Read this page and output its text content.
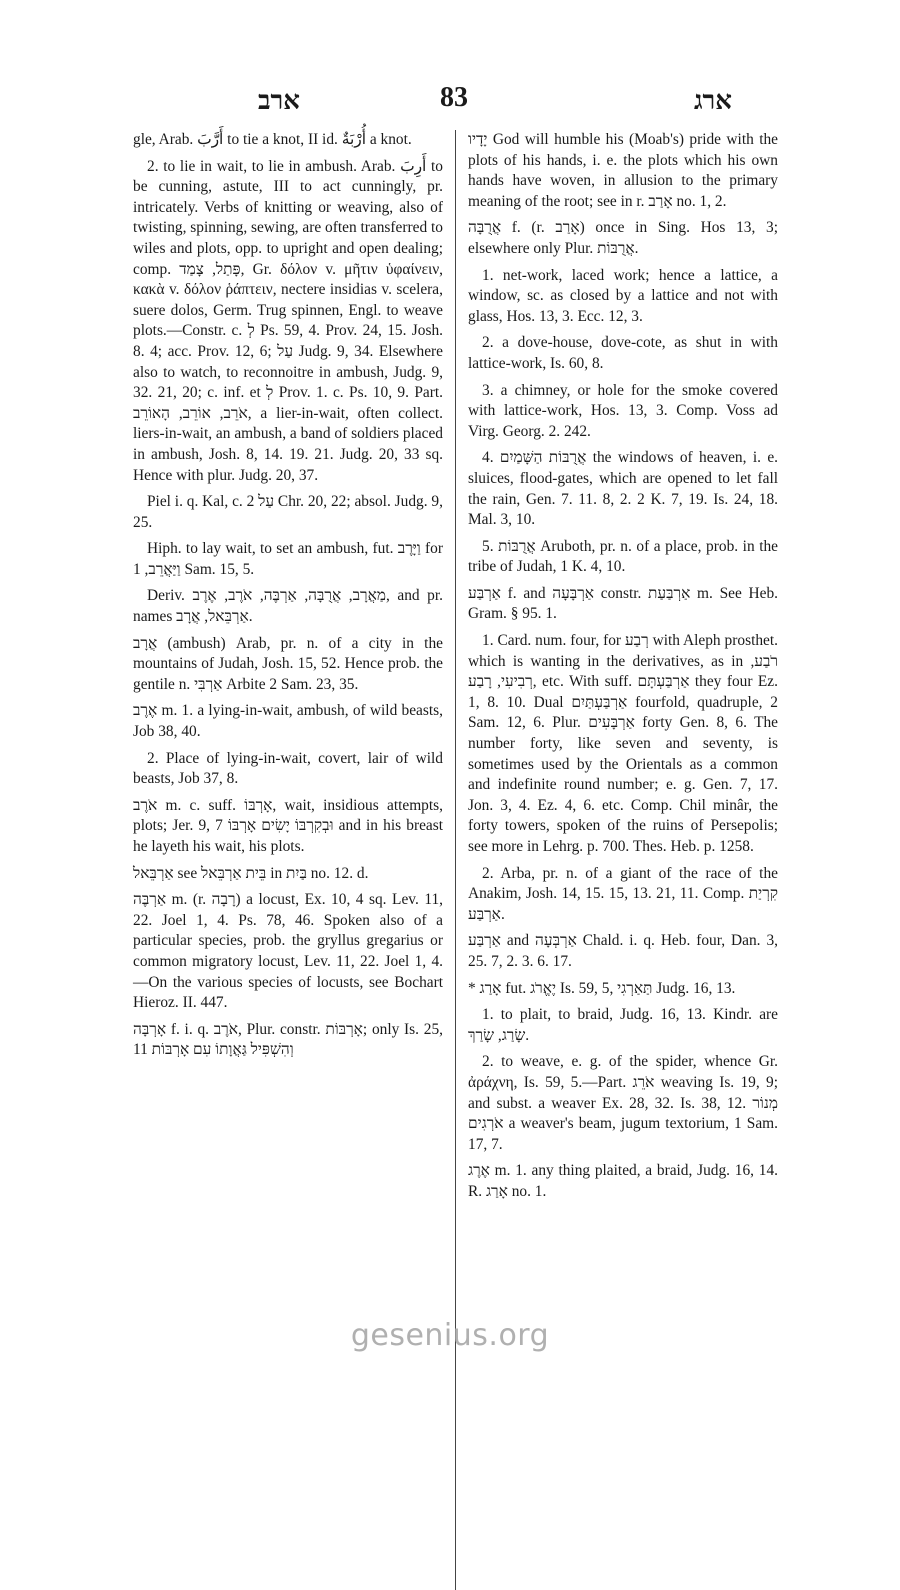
ארב	83	ארג

gle, Arab. أَرَّبَ to tie a knot, II id. أُرْبَةٌ a knot.

2. to lie in wait, to lie in ambush. Arab. أَرِبَ to be cunning, astute, III to act cunningly, pr. intricately. Verbs of knitting or weaving, also of twisting, spinning, sewing, are often transferred to wiles and plots, opp. to upright and open dealing; comp. פָּתַל, צָמַד, Gr. δόλον v. μῆτιν ὑφαίνειν, κακὰ v. δόλον ῥάπτειν, nectere insidias v. scelera, suere dolos, Germ. Trug spinnen, Engl. to weave plots.—Constr. c. לְ Ps. 59, 4. Prov. 24, 15. Josh. 8. 4; acc. Prov. 12, 6; עַל Judg. 9, 34. Elsewhere also to watch, to reconnoitre in ambush, Judg. 9, 32. 21, 20; c. inf. et לְ Prov. 1. c. Ps. 10, 9. Part. אֹרֵב, אוֹרֵב, הָאוֹרֵב, a lier-in-wait, often collect. liers-in-wait, an ambush, a band of soldiers placed in ambush, Josh. 8, 14. 19. 21. Judg. 20, 33 sq. Hence with plur. Judg. 20, 37.

Piel i. q. Kal, c. עַל 2 Chr. 20, 22; absol. Judg. 9, 25.

Hiph. to lay wait, to set an ambush, fut. וַיָּרֶב for וַיַּאֲרֵב, 1 Sam. 15, 5.

Deriv. מַאֲרָב, אֲרֻבָּה, אַרְבֶּה, אֹרֶב, אֶרֶב, and pr. names אַרְבֵּאל, אֲרָב.

אֲרָב (ambush) Arab, pr. n. of a city in the mountains of Judah, Josh. 15, 52. Hence prob. the gentile n. אַרְבִּי Arbite 2 Sam. 23, 35.

אֶרֶב m. 1. a lying-in-wait, ambush, of wild beasts, Job 38, 40.

2. Place of lying-in-wait, covert, lair of wild beasts, Job 37, 8.

אֹרֶב m. c. suff. אָרְבּוֹ, wait, insidious attempts, plots; Jer. 9, 7 וּבְקִרְבּוֹ יָשִׂים אָרְבּוֹ and in his breast he layeth his wait, his plots.

אַרְבֵּאל see בֵּית אַרְבֵּאל in בַּיִת no. 12. d.

אַרְבֶּה m. (r. רָבָה) a locust, Ex. 10, 4 sq. Lev. 11, 22. Joel 1, 4. Ps. 78, 46. Spoken also of a particular species, prob. the gryllus gregarius or common migratory locust, Lev. 11, 22. Joel 1, 4.—On the various species of locusts, see Bochart Hieroz. II. 447.

אָרְבָּה f. i. q. אֹרֶב, Plur. constr. אָרְבּוֹת; only Is. 25, 11 וְהִשְׁפִּיל גַּאֲוָתוֹ עִם אָרְבּוֹת

יָדָיו God will humble his (Moab's) pride with the plots of his hands, i. e. the plots which his own hands have woven, in allusion to the primary meaning of the root; see in r. אָרַב no. 1, 2.

אֲרֻבָּה f. (r. אָרַב) once in Sing. Hos 13, 3; elsewhere only Plur. אֲרֻבּוֹת.

1. net-work, laced work; hence a lattice, a window, sc. as closed by a lattice and not with glass, Hos. 13, 3. Ecc. 12, 3.

2. a dove-house, dove-cote, as shut in with lattice-work, Is. 60, 8.

3. a chimney, or hole for the smoke covered with lattice-work, Hos. 13, 3. Comp. Voss ad Virg. Georg. 2. 242.

4. אֲרֻבּוֹת הַשָּׁמַיִם the windows of heaven, i. e. sluices, flood-gates, which are opened to let fall the rain, Gen. 7. 11. 8, 2. 2 K. 7, 19. Is. 24, 18. Mal. 3, 10.

5. אֲרֻבּוֹת Aruboth, pr. n. of a place, prob. in the tribe of Judah, 1 K. 4, 10.

אַרְבַּע f. and אַרְבָּעָה constr. אַרְבַּעַת m. See Heb. Gram. § 95. 1.

1. Card. num. four, for רְבַע with Aleph prosthet. which is wanting in the derivatives, as in רֹבַע, רְבִיעִי, רָבַע, etc. With suff. אַרְבַּעְתָּם they four Ez. 1, 8. 10. Dual אַרְבַּעְתַּיִם fourfold, quadruple, 2 Sam. 12, 6. Plur. אַרְבָּעִים forty Gen. 8, 6. The number forty, like seven and seventy, is sometimes used by the Orientals as a common and indefinite round number; e. g. Gen. 7, 17. Jon. 3, 4. Ez. 4, 6. etc. Comp. Chil minâr, the forty towers, spoken of the ruins of Persepolis; see more in Lehrg. p. 700. Thes. Heb. p. 1258.

2. Arba, pr. n. of a giant of the race of the Anakim, Josh. 14, 15. 15, 13. 21, 11. Comp. קִרְיַת אַרְבַּע.

אַרְבַּע and אַרְבְּעָה Chald. i. q. Heb. four, Dan. 3, 25. 7, 2. 3. 6. 17.

* אָרַג fut. יֶאֱרֹג Is. 59, 5, תַּאַרְגִי Judg. 16, 13.

1. to plait, to braid, Judg. 16, 13. Kindr. are שָׂרַג, שָׂרַךְ.

2. to weave, e. g. of the spider, whence Gr. ἀράχνη, Is. 59, 5.—Part. אֹרֵג weaving Is. 19, 9; and subst. a weaver Ex. 28, 32. Is. 38, 12. מְנוֹר אֹרְגִים a weaver's beam, jugum textorium, 1 Sam. 17, 7.

אֶרֶג m. 1. any thing plaited, a braid, Judg. 16, 14. R. אָרַג no. 1.

gesenius.org
